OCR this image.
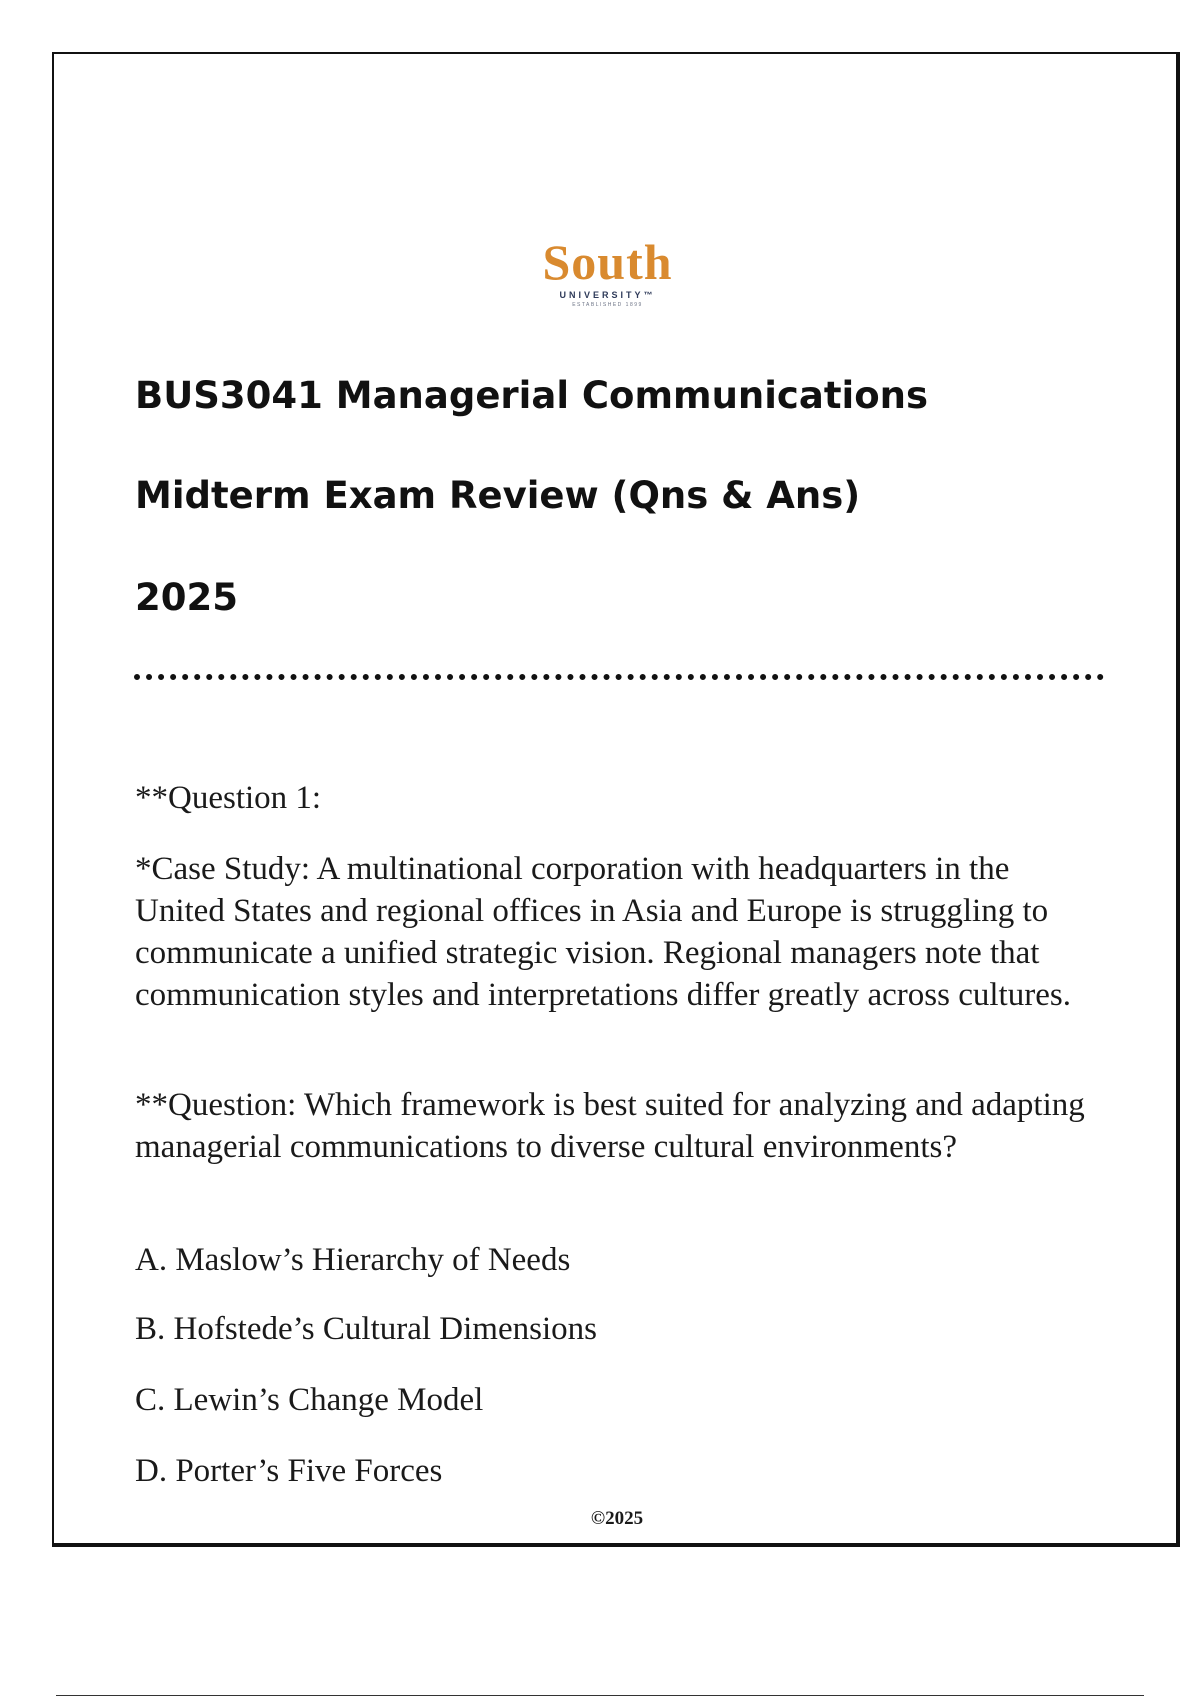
South
UNIVERSITY™
ESTABLISHED 1899
BUS3041 Managerial Communications
Midterm Exam Review (Qns & Ans)
2025

**Question 1:

*Case Study: A multinational corporation with headquarters in the United States and regional offices in Asia and Europe is struggling to communicate a unified strategic vision. Regional managers note that communication styles and interpretations differ greatly across cultures.

**Question: Which framework is best suited for analyzing and adapting managerial communications to diverse cultural environments?

A. Maslow’s Hierarchy of Needs

B. Hofstede’s Cultural Dimensions

C. Lewin’s Change Model

D. Porter’s Five Forces

©2025
